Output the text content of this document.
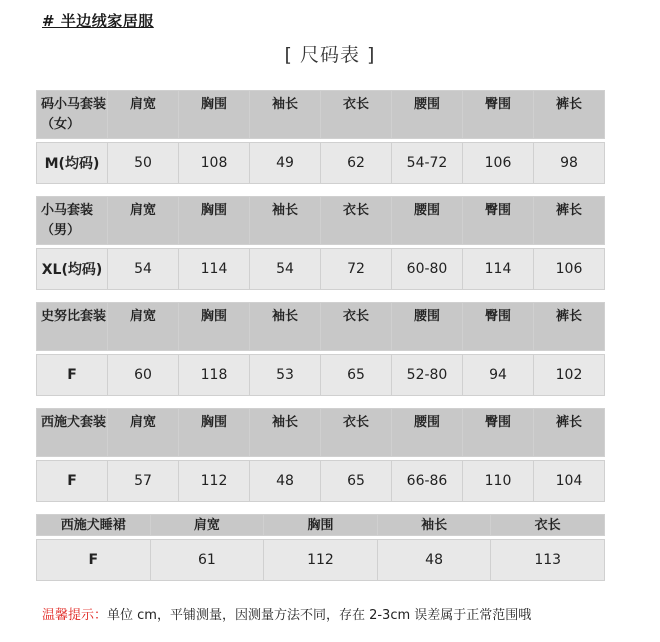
# 半边绒家居服
[ 尺码表 ]
码小马套装（女）	肩宽	胸围	袖长	衣长	腰围	臀围	裤长

M(均码)	50	108	49	62	54-72	106	98
小马套装（男）	肩宽	胸围	袖长	衣长	腰围	臀围	裤长

XL(均码)	54	114	54	72	60-80	114	106
史努比套装	肩宽	胸围	袖长	衣长	腰围	臀围	裤长

F	60	118	53	65	52-80	94	102
西施犬套装	肩宽	胸围	袖长	衣长	腰围	臀围	裤长

F	57	112	48	65	66-86	110	104
西施犬睡裙	肩宽	胸围	袖长	衣长

F	61	112	48	113
温馨提示：单位 cm，平铺测量，因测量方法不同，存在 2-3cm 误差属于正常范围哦
